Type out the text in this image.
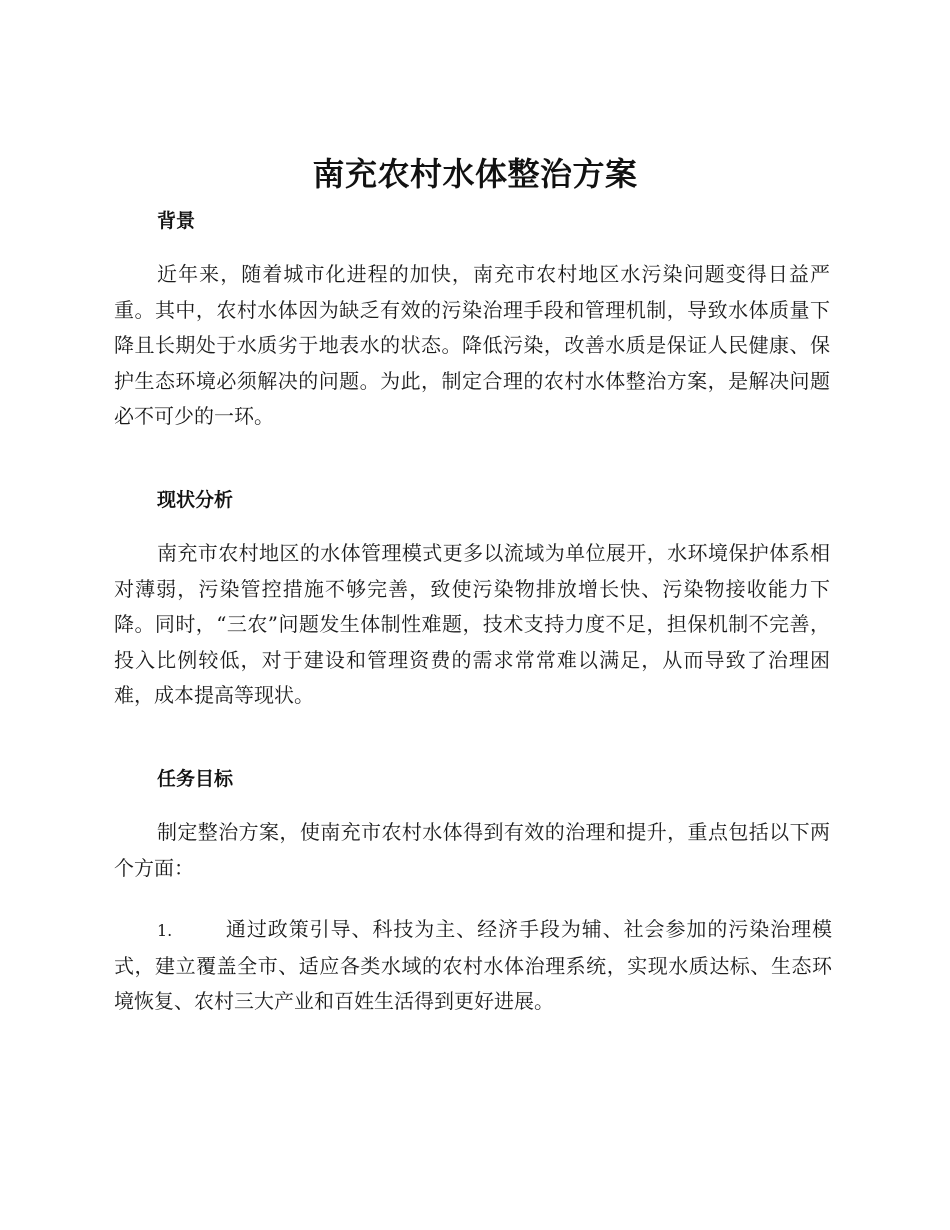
南充农村水体整治方案
背景

近年来，随着城市化进程的加快，南充市农村地区水污染问题变得日益严重。其中，农村水体因为缺乏有效的污染治理手段和管理机制，导致水体质量下降且长期处于水质劣于地表水的状态。降低污染，改善水质是保证人民健康、保护生态环境必须解决的问题。为此，制定合理的农村水体整治方案，是解决问题必不可少的一环。

现状分析

南充市农村地区的水体管理模式更多以流域为单位展开，水环境保护体系相对薄弱，污染管控措施不够完善，致使污染物排放增长快、污染物接收能力下降。同时，“三农”问题发生体制性难题，技术支持力度不足，担保机制不完善，投入比例较低，对于建设和管理资费的需求常常难以满足，从而导致了治理困难，成本提高等现状。

任务目标

制定整治方案，使南充市农村水体得到有效的治理和提升，重点包括以下两个方面：

1.	通过政策引导、科技为主、经济手段为辅、社会参加的污染治理模式，建立覆盖全市、适应各类水域的农村水体治理系统，实现水质达标、生态环境恢复、农村三大产业和百姓生活得到更好进展。
